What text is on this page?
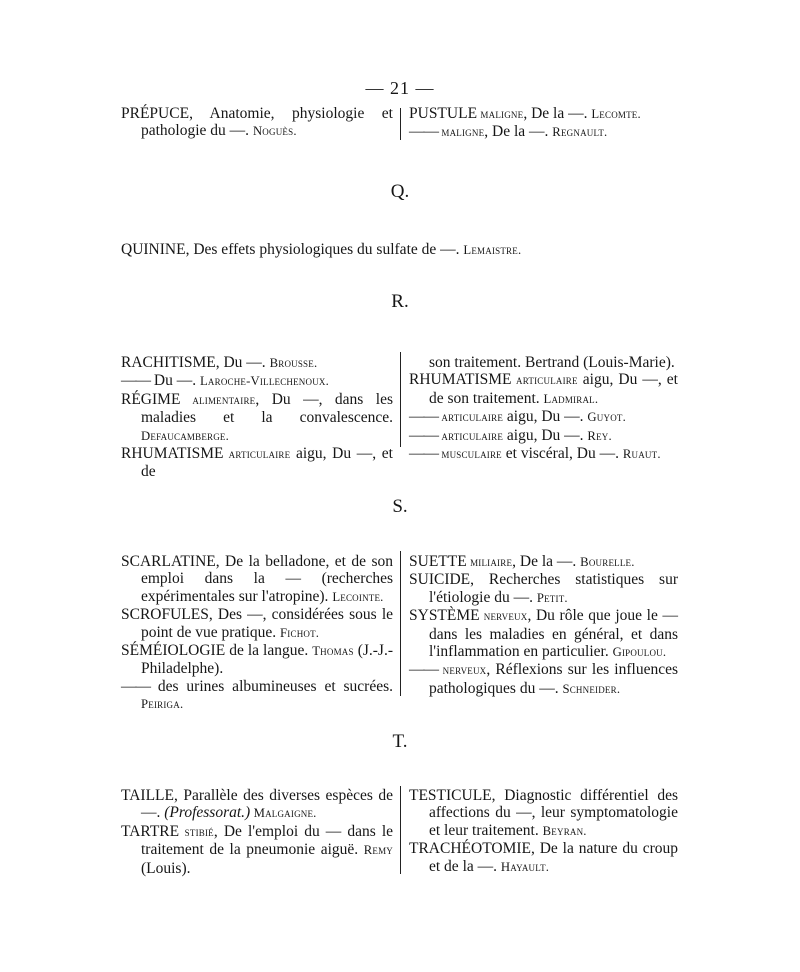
— 21 —

PRÉPUCE, Anatomie, physiologie et pathologie du —. Noguès.

PUSTULE maligne, De la —. Lecomte.

—— maligne, De la —. Regnault.

Q.
QUININE, Des effets physiologiques du sulfate de —. Lemaistre.
R.

RACHITISME, Du —. Brousse.

—— Du —. Laroche-Villechenoux.

RÉGIME alimentaire, Du —, dans les maladies et la convalescence. Defaucamberge.

RHUMATISME articulaire aigu, Du —, et de

son traitement. Bertrand (Louis-Marie).

RHUMATISME articulaire aigu, Du —, et de son traitement. Ladmiral.

—— articulaire aigu, Du —. Guyot.

—— articulaire aigu, Du —. Rey.

—— musculaire et viscéral, Du —. Ruaut.

S.

SCARLATINE, De la belladone, et de son emploi dans la — (recherches expérimentales sur l'atropine). Lecointe.

SCROFULES, Des —, considérées sous le point de vue pratique. Fichot.

SÉMÉIOLOGIE de la langue. Thomas (J.-J.-Philadelphe).

—— des urines albumineuses et sucrées. Peiriga.

SUETTE miliaire, De la —. Bourelle.

SUICIDE, Recherches statistiques sur l'étiologie du —. Petit.

SYSTÈME nerveux, Du rôle que joue le — dans les maladies en général, et dans l'inflammation en particulier. Gipoulou.

—— nerveux, Réflexions sur les influences pathologiques du —. Schneider.

T.

TAILLE, Parallèle des diverses espèces de —. (Professorat.) Malgaigne.

TARTRE stibié, De l'emploi du — dans le traitement de la pneumonie aiguë. Remy (Louis).

TESTICULE, Diagnostic différentiel des affections du —, leur symptomatologie et leur traitement. Beyran.

TRACHÉOTOMIE, De la nature du croup et de la —. Hayault.
